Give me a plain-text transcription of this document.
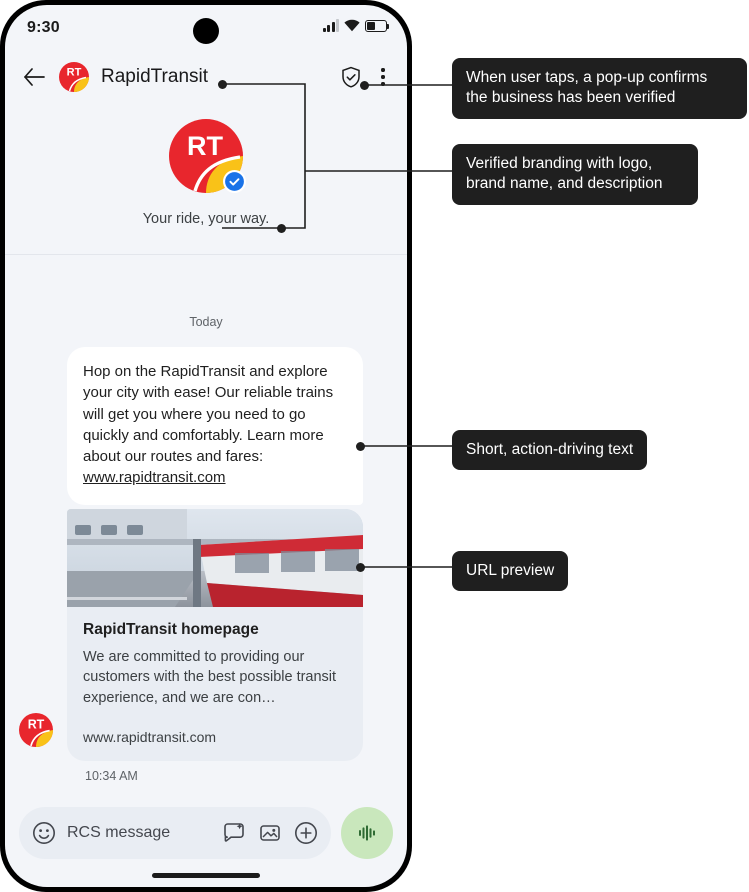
9:30
RT RapidTransit
RT
Your ride, your way.
Today
Hop on the RapidTransit and explore your city with ease! Our reliable trains will get you where you need to go quickly and comfortably. Learn more about our routes and fares:
www.rapidtransit.com
RapidTransit homepage
We are committed to providing our customers with the best possible transit experience, and we are con…
www.rapidtransit.com
10:34 AM
RT
RCS message
When user taps, a pop-up confirms the business has been verified
Verified branding with logo, brand name, and description
Short, action-driving text
URL preview
